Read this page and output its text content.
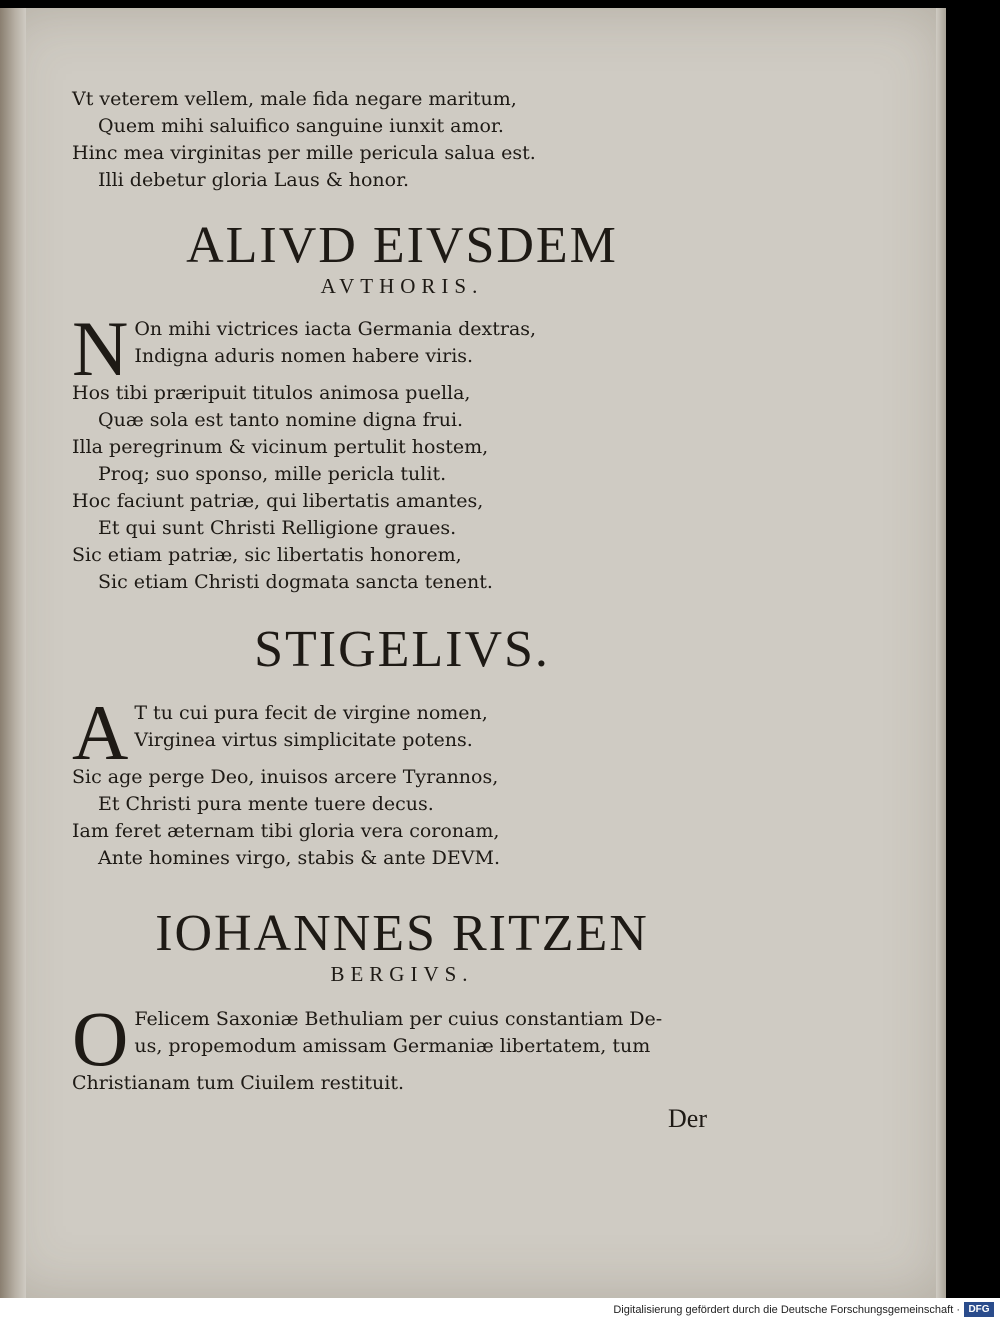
Vt veterem vellem, male fida negare maritum,
Quem mihi saluifico sanguine iunxit amor.
Hinc mea virginitas per mille pericula salua est.
Illi debetur gloria Laus & honor.

ALIVD EIVSDEM

AVTHORIS.

N On mihi victrices iacta Germania dextras,
Indigna aduris nomen habere viris.
Hos tibi præripuit titulos animosa puella,
Quæ sola est tanto nomine digna frui.
Illa peregrinum & vicinum pertulit hostem,
Proq; suo sponso, mille pericla tulit.
Hoc faciunt patriæ, qui libertatis amantes,
Et qui sunt Christi Relligione graues.
Sic etiam patriæ, sic libertatis honorem,
Sic etiam Christi dogmata sancta tenent.

STIGELIVS.

A T tu cui pura fecit de virgine nomen,
Virginea virtus simplicitate potens.
Sic age perge Deo, inuisos arcere Tyrannos,
Et Christi pura mente tuere decus.
Iam feret æternam tibi gloria vera coronam,
Ante homines virgo, stabis & ante DEVM.

IOHANNES RITZEN

BERGIVS.

O Felicem Saxoniæ Bethuliam per cuius constantiam De-
us, propemodum amissam Germaniæ libertatem, tum
Christianam tum Ciuilem restituit.
Der
Digitalisierung gefördert durch die Deutsche Forschungsgemeinschaft · DFG
